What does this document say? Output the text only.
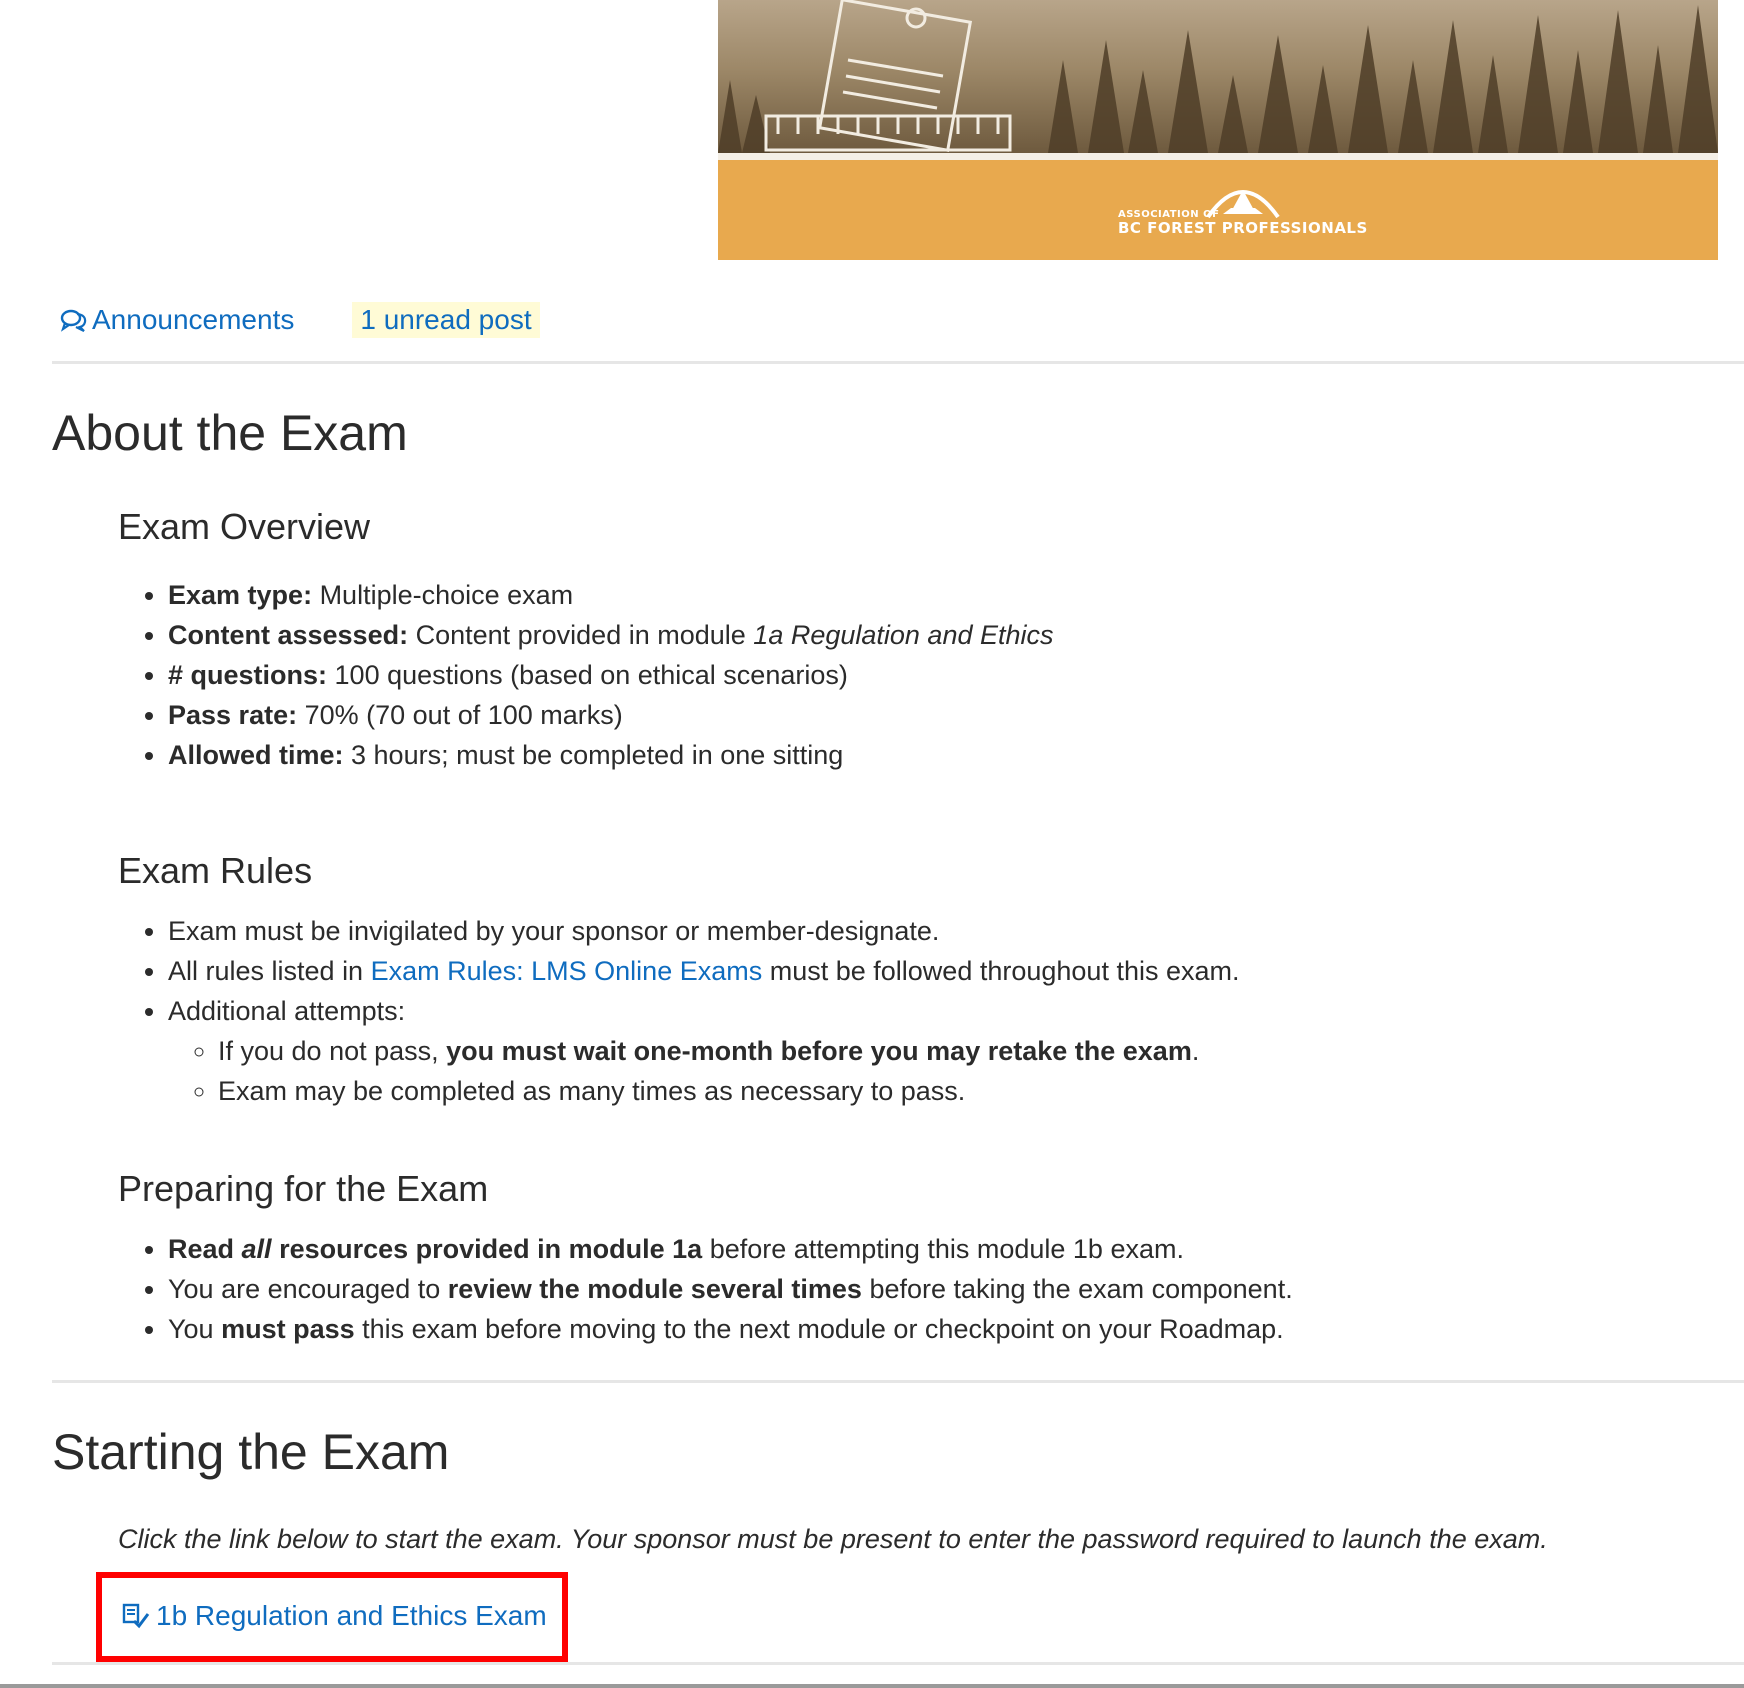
ASSOCIATION OF
BC FOREST PROFESSIONALS
Announcements 1 unread post
About the Exam
Exam Overview
• Exam type: Multiple-choice exam
• Content assessed: Content provided in module 1a Regulation and Ethics
• # questions: 100 questions (based on ethical scenarios)
• Pass rate: 70% (70 out of 100 marks)
• Allowed time: 3 hours; must be completed in one sitting
Exam Rules
• Exam must be invigilated by your sponsor or member-designate.
• All rules listed in Exam Rules: LMS Online Exams must be followed throughout this exam.
• Additional attempts:
◦ If you do not pass, you must wait one-month before you may retake the exam.
◦ Exam may be completed as many times as necessary to pass.
Preparing for the Exam
• Read all resources provided in module 1a before attempting this module 1b exam.
• You are encouraged to review the module several times before taking the exam component.
• You must pass this exam before moving to the next module or checkpoint on your Roadmap.
Starting the Exam

Click the link below to start the exam. Your sponsor must be present to enter the password required to launch the exam.

1b Regulation and Ethics Exam
